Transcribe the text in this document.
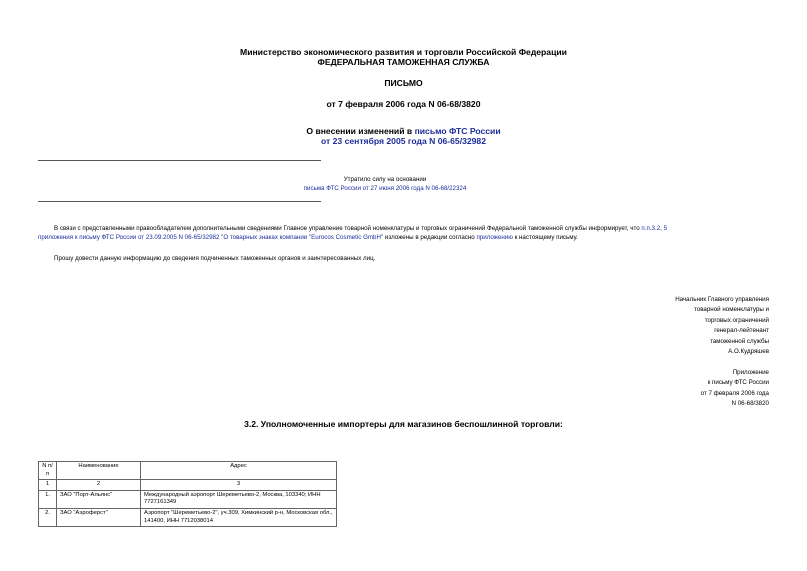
Министерство экономического развития и торговли Российской Федерации
ФЕДЕРАЛЬНАЯ ТАМОЖЕННАЯ СЛУЖБА
ПИСЬМО
от 7 февраля 2006 года N 06-68/3820
О внесении изменений в письмо ФТС России
от 23 сентября 2005 года N 06-65/32982
Утратило силу на основании
письма ФТС России от 27 июня 2006 года N 06-68/22324
В связи с представленными правообладателем дополнительными сведениями Главное управление товарной номенклатуры и торговых ограничений Федеральной таможенной службы информирует, что п.п.3.2, 5
приложения к письму ФТС России от 23.09.2005 N 06-65/32982 "О товарных знаках компании "Eurocos Cosmetic GmbH" изложены в редакции согласно приложению к настоящему письму.
Прошу довести данную информацию до сведения подчиненных таможенных органов и заинтересованных лиц.
Начальник Главного управления
товарной номенклатуры и
торговых ограничений
генерал-лейтенант
таможенной службы
А.О.Кудряшев
Приложение
к письму ФТС России
от 7 февраля 2006 года
N 06-68/3820
3.2. Уполномоченные импортеры для магазинов беспошлинной торговли:
N п/п	Наименование	Адрес
1	2	3
1.	ЗАО "Порт-Альянс"	Международный аэропорт Шереметьево-2, Москва, 103340; ИНН 7727161349
2.	ЗАО "Аэроферст"	Аэропорт "Шереметьево-2", уч.309, Химкинский р-н, Московская обл., 141400, ИНН 7712038014
